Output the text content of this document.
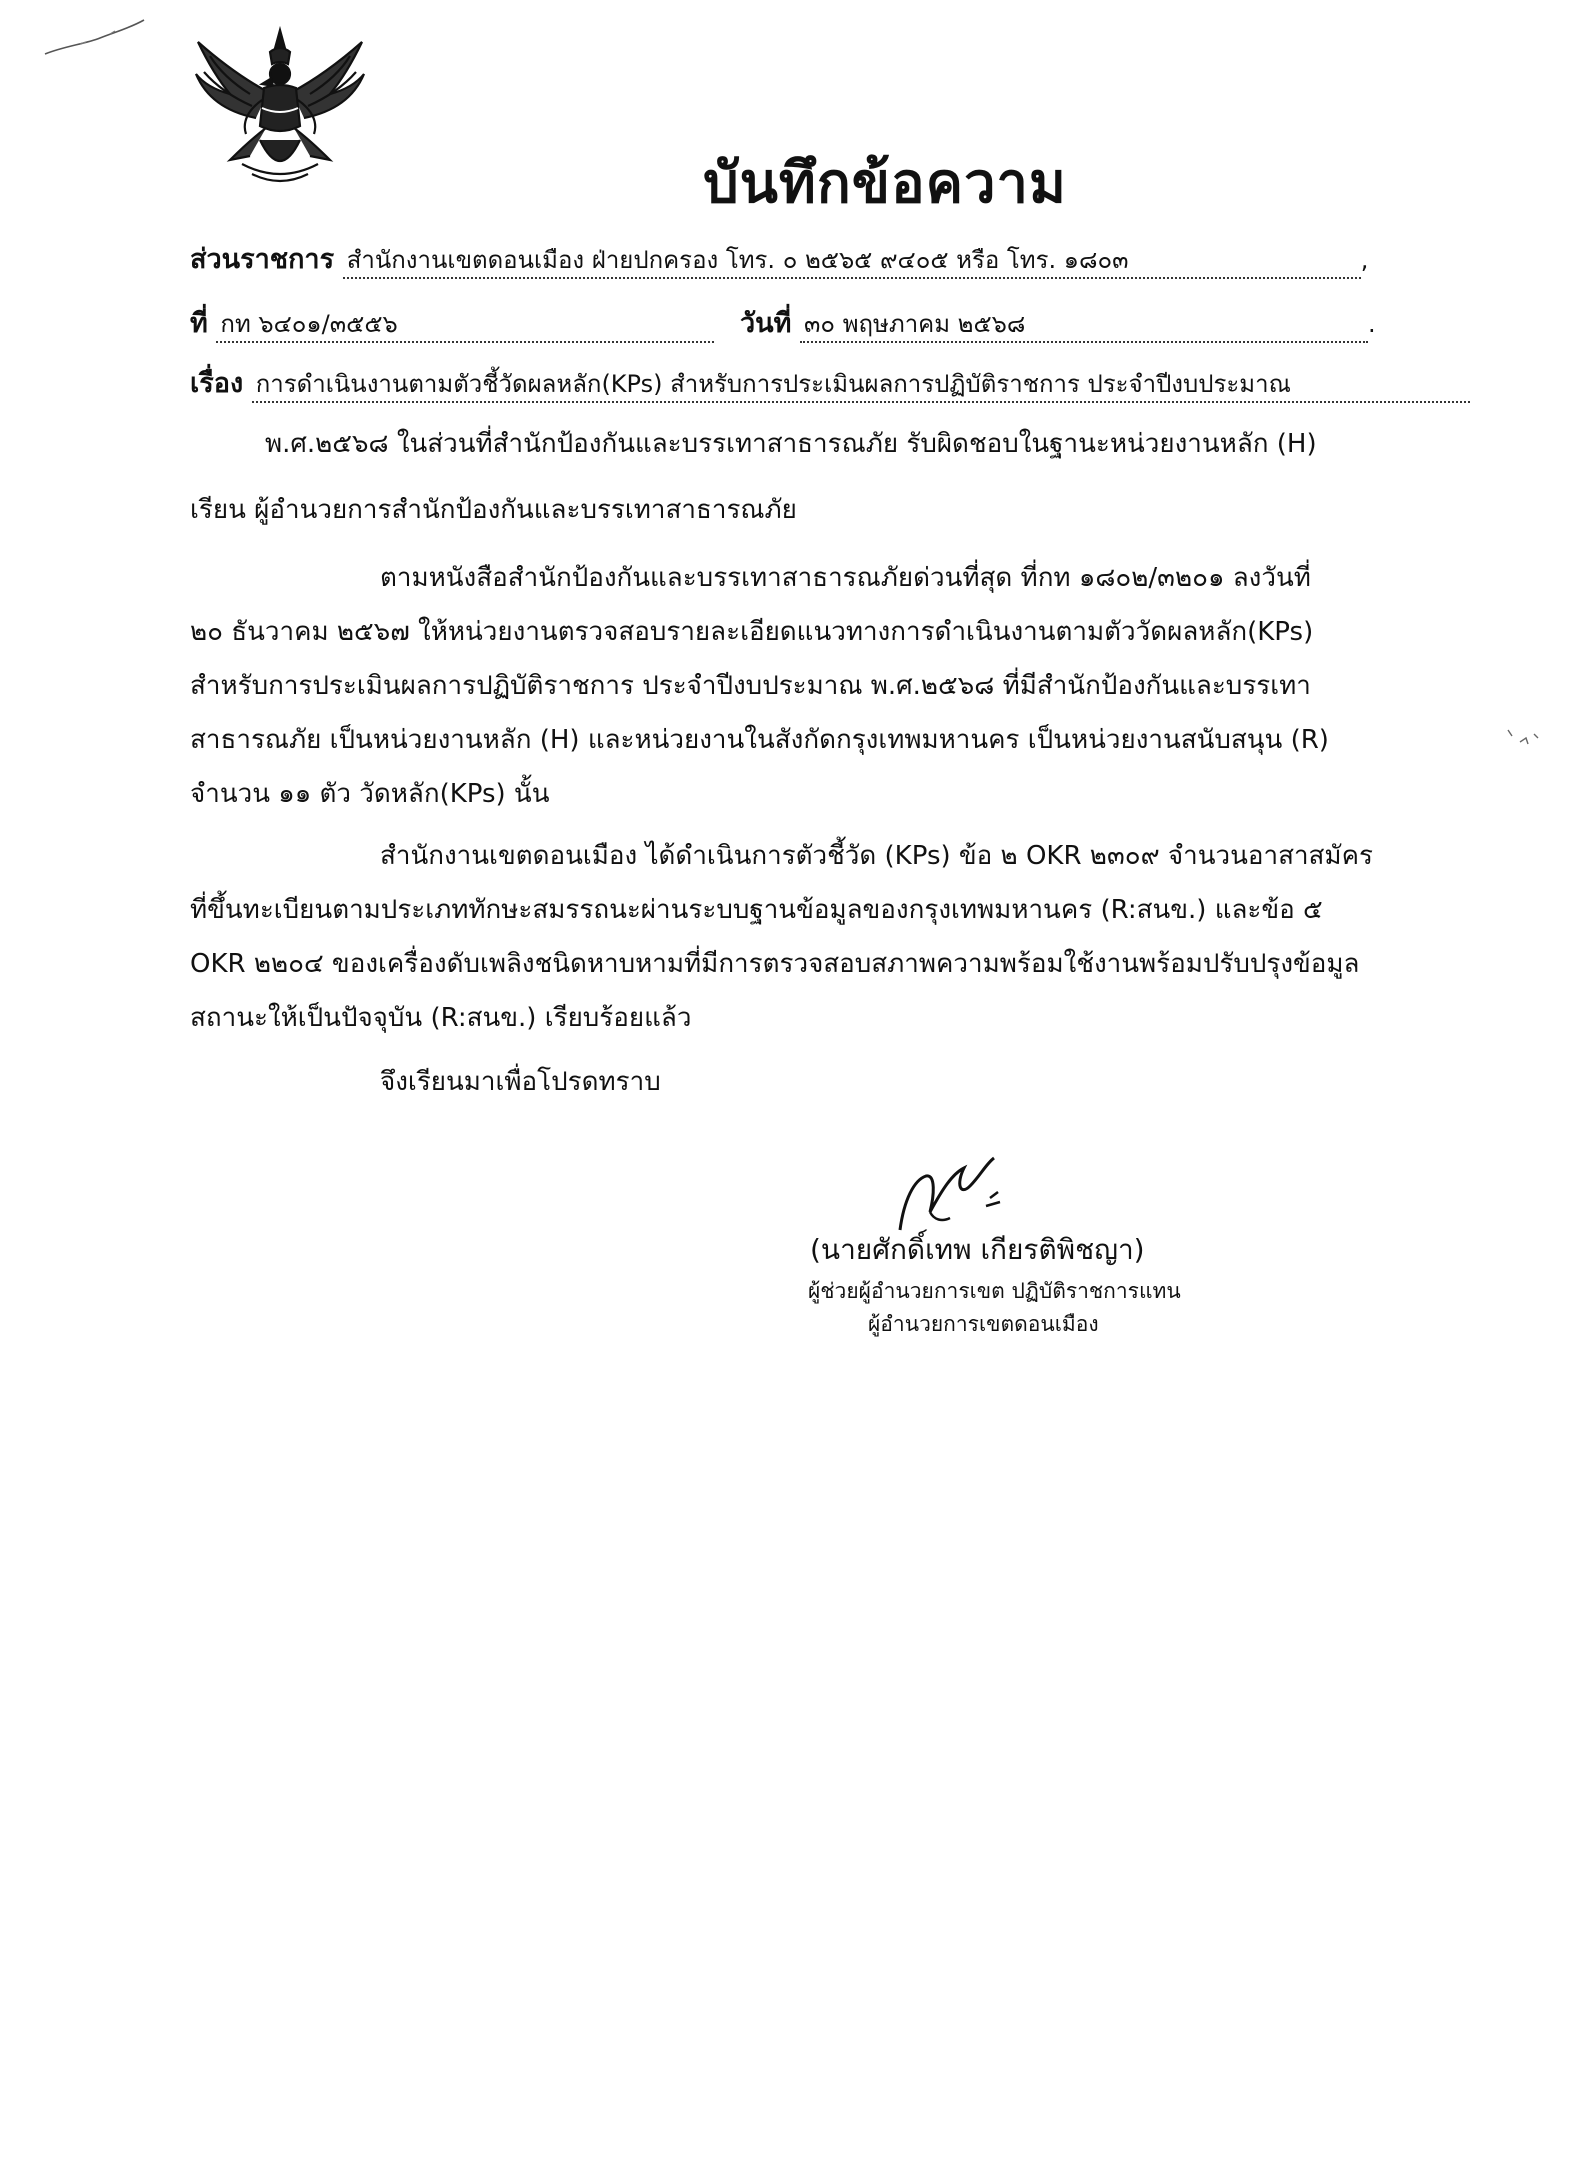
บันทึกข้อความ
ส่วนราชการ สำนักงานเขตดอนเมือง ฝ่ายปกครอง โทร. ๐ ๒๕๖๕ ๙๔๐๕ หรือ โทร. ๑๘๐๓	,
ที่ กท ๖๔๐๑/๓๕๕๖	วันที่ ๓๐ พฤษภาคม ๒๕๖๘	.
เรื่อง การดำเนินงานตามตัวชี้วัดผลหลัก(KPs) สำหรับการประเมินผลการปฏิบัติราชการ ประจำปีงบประมาณ
พ.ศ.๒๕๖๘ ในส่วนที่สำนักป้องกันและบรรเทาสาธารณภัย รับผิดชอบในฐานะหน่วยงานหลัก (H)
เรียน ผู้อำนวยการสำนักป้องกันและบรรเทาสาธารณภัย
ตามหนังสือสำนักป้องกันและบรรเทาสาธารณภัยด่วนที่สุด ที่กท ๑๘๐๒/๓๒๐๑ ลงวันที่
๒๐ ธันวาคม ๒๕๖๗ ให้หน่วยงานตรวจสอบรายละเอียดแนวทางการดำเนินงานตามตัววัดผลหลัก(KPs)
สำหรับการประเมินผลการปฏิบัติราชการ ประจำปีงบประมาณ พ.ศ.๒๕๖๘ ที่มีสำนักป้องกันและบรรเทา
สาธารณภัย เป็นหน่วยงานหลัก (H) และหน่วยงานในสังกัดกรุงเทพมหานคร เป็นหน่วยงานสนับสนุน (R)
จำนวน ๑๑ ตัว วัดหลัก(KPs) นั้น
สำนักงานเขตดอนเมือง ได้ดำเนินการตัวชี้วัด (KPs) ข้อ ๒ OKR ๒๓๐๙ จำนวนอาสาสมัคร
ที่ขึ้นทะเบียนตามประเภททักษะสมรรถนะผ่านระบบฐานข้อมูลของกรุงเทพมหานคร (R:สนข.) และข้อ ๕
OKR ๒๒๐๔ ของเครื่องดับเพลิงชนิดหาบหามที่มีการตรวจสอบสภาพความพร้อมใช้งานพร้อมปรับปรุงข้อมูล
สถานะให้เป็นปัจจุบัน (R:สนข.) เรียบร้อยแล้ว
จึงเรียนมาเพื่อโปรดทราบ
(นายศักดิ์เทพ เกียรติพิชญา)
ผู้ช่วยผู้อำนวยการเขต ปฏิบัติราชการแทน
ผู้อำนวยการเขตดอนเมือง
